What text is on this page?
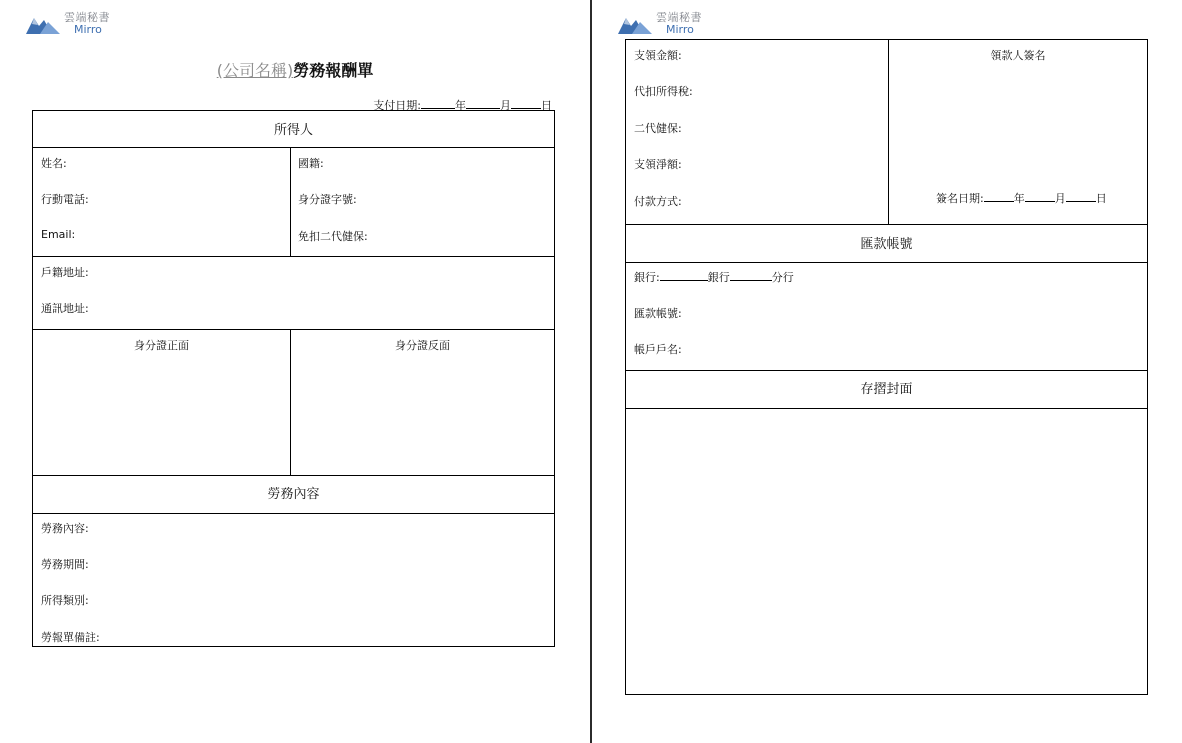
雲端秘書
Mirro
(公司名稱)勞務報酬單
支付日期:	年	月	日
所得人
姓名:	國籍:
行動電話:	身分證字號:
Email:	免扣二代健保:
戶籍地址:
通訊地址:
身分證正面	身分證反面
勞務內容
勞務內容:
勞務期間:
所得類別:
勞報單備註:
雲端秘書
Mirro
支領金額:
代扣所得稅:
二代健保:
支領淨額:
付款方式:
領款人簽名
簽名日期:	年	月	日
匯款帳號
銀行:	銀行	分行
匯款帳號:
帳戶戶名:
存摺封面
